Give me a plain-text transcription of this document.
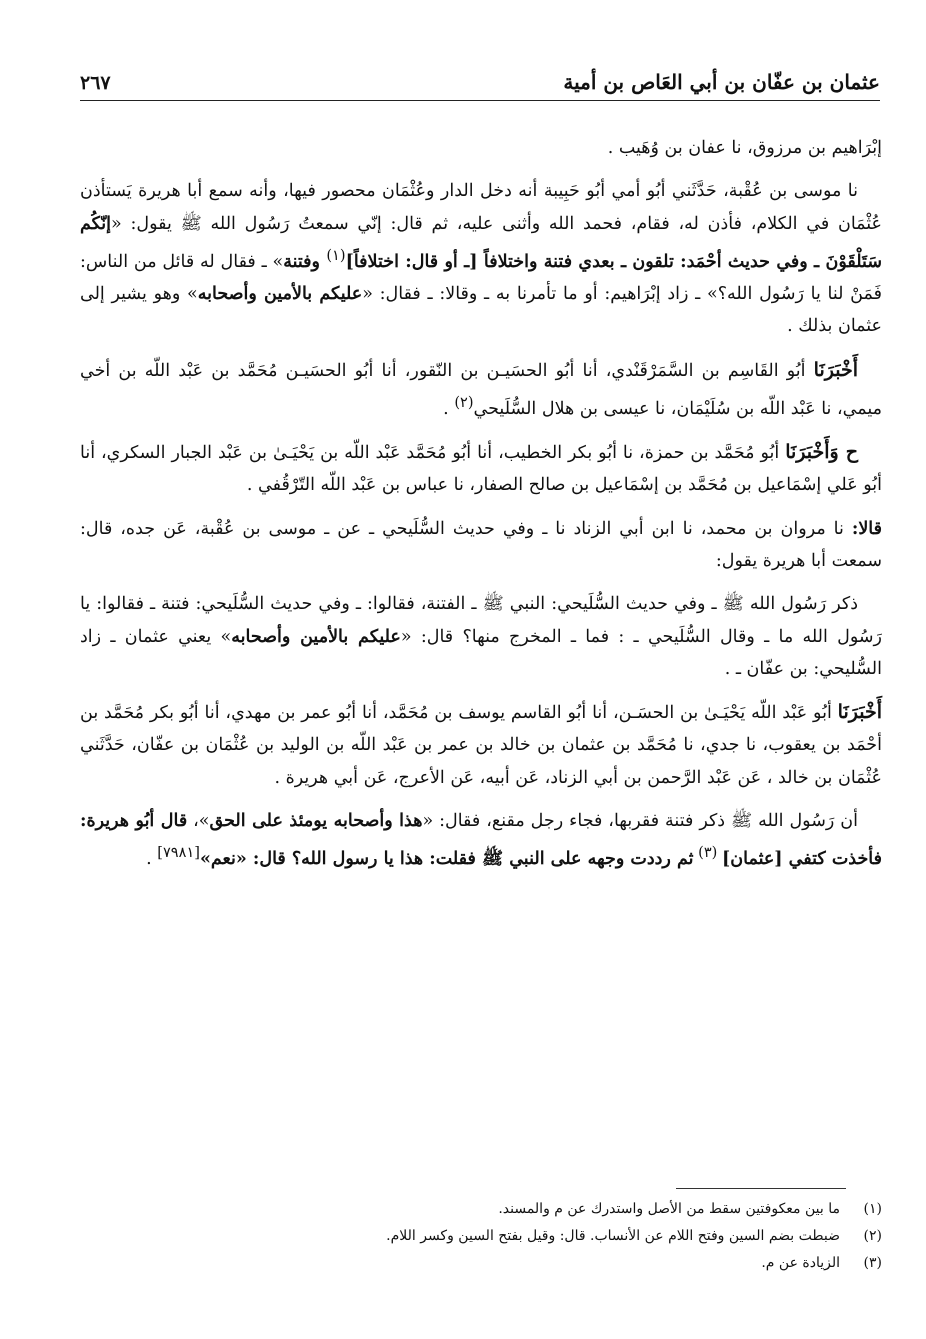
عثمان بن عفّان بن أبي العَاص بن أمية
٢٦٧

إبْرَاهيم بن مرزوق، نا عفان بن وُهَيب .

نا موسى بن عُقْبة، حَدَّثَني أبُو أمي أبُو حَبِيبة أنه دخل الدار وعُثْمَان محصور فيها، وأنه سمع أبا هريرة يَستأذن عُثْمَان في الكلام، فأذن له، فقام، فحمد الله وأثنى عليه، ثم قال: إنّي سمعتُ رَسُول الله ﷺ يقول: «إنّكُم سَتَلْقَوْنَ ـ وفي حديث أحْمَد: تلقون ـ بعدي فتنة واختلافاً [ـ أو قال: اختلافاً]$^{(١)}$ وفتنة» ـ فقال له قائل من الناس: فَمَنْ لنا يا رَسُول الله؟» ـ زاد إبْرَاهيم: أو ما تأمرنا به ـ وقالا: ـ فقال: «عليكم بالأمين وأصحابه» وهو يشير إلى عثمان بذلك .

أَخْبَرَنَا أبُو القَاسِم بن السَّمَرْقَنْدي، أنا أبُو الحسَيـن بن النّقور، أنا أبُو الحسَيـن مُحَمَّد بن عَبْد اللّه بن أخي ميمي، نا عَبْد اللّه بن سُلَيْمَان، نا عيسى بن هلال السُّلَيحي$^{(٢)}$ .

ح وَأَخْبَرَنَا أبُو مُحَمَّد بن حمزة، نا أبُو بكر الخطيب، أنا أبُو مُحَمَّد عَبْد اللّه بن يَحْيَـىٰ بن عَبْد الجبار السكري، أنا أبُو عَلي إسْمَاعيل بن مُحَمَّد بن إسْمَاعيل بن صالح الصفار، نا عباس بن عَبْد اللّه التّرْقُفي .

قالا: نا مروان بن محمد، نا ابن أبي الزناد نا ـ وفي حديث السُّلَيحي ـ عن ـ موسى بن عُقْبة، عَن جده، قال: سمعت أبا هريرة يقول:

ذكر رَسُول الله ﷺ ـ وفي حديث السُّلَيحي: النبي ﷺ ـ الفتنة، فقالوا: ـ وفي حديث السُّلَيحي: فتنة ـ فقالوا: يا رَسُول الله ما ـ وقال السُّلَيحي ـ : فما ـ المخرج منها؟ قال: «عليكم بالأمين وأصحابه» يعني عثمان ـ زاد السُّليحي: بن عفّان ـ .

أَخْبَرَنَا أبُو عَبْد اللّه يَحْيَـىٰ بن الحسَـن، أنا أبُو القاسم يوسف بن مُحَمَّد، أنا أبُو عمر بن مهدي، أنا أبُو بكر مُحَمَّد بن أحْمَد بن يعقوب، نا جدي، نا مُحَمَّد بن عثمان بن خالد بن عمر بن عَبْد اللّه بن الوليد بن عُثْمَان بن عفّان، حَدَّثَني عُثْمَان بن خالد ، عَن عَبْد الرَّحمن بن أبي الزناد، عَن أبيه، عَن الأعرج، عَن أبي هريرة .

أن رَسُول الله ﷺ ذكر فتنة فقربها، فجاء رجل مقنع، فقال: «هذا وأصحابه يومئذ على الحق»، قال أبُو هريرة: فأخذت كتفي [عثمان] $^{(٣)}$ ثم رددت وجهه على النبي ﷺ فقلت: هذا يا رسول الله؟ قال: «نعم»[٧٩٨١] .

(١)ما بين معكوفتين سقط من الأصل واستدرك عن م والمسند.
(٢)ضبطت بضم السين وفتح اللام عن الأنساب. قال: وقيل بفتح السين وكسر اللام.
(٣)الزيادة عن م.
